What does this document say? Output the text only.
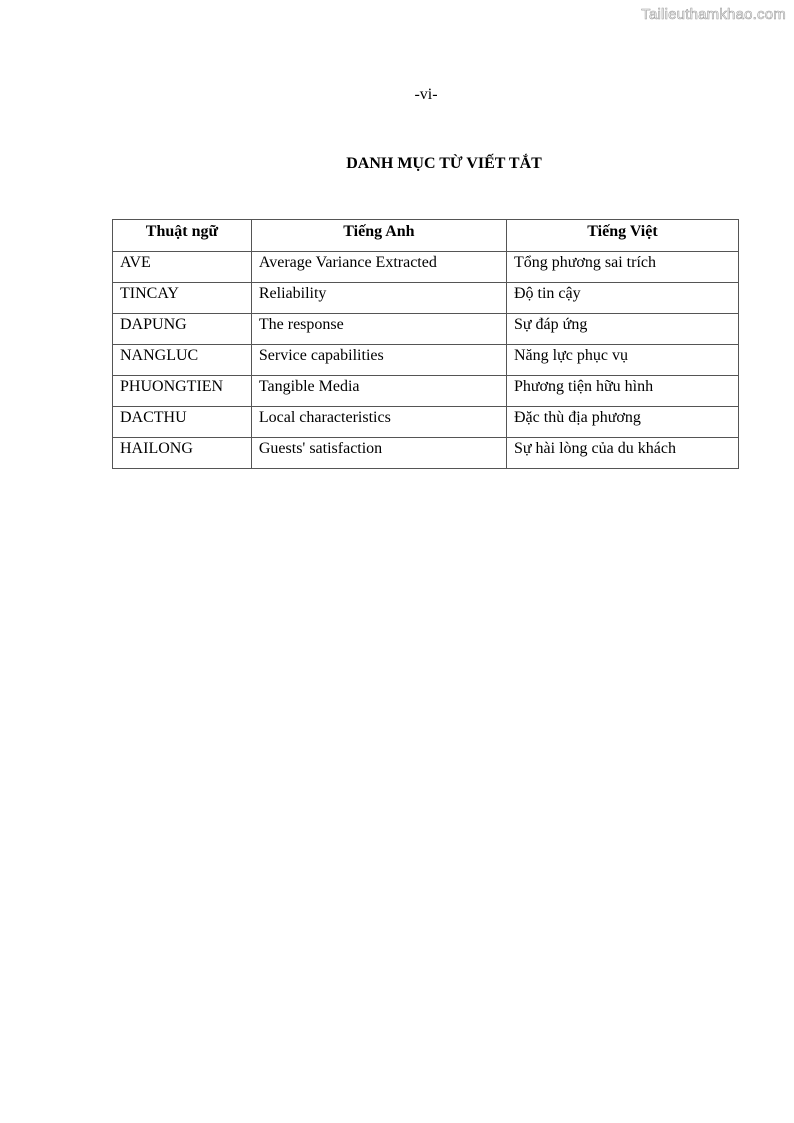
Tailieuthamkhao.com
-vi-
DANH MỤC TỪ VIẾT TẮT
Thuật ngữ	Tiếng Anh	Tiếng Việt
AVE	Average Variance Extracted	Tổng phương sai trích
TINCAY	Reliability	Độ tin cậy
DAPUNG	The response	Sự đáp ứng
NANGLUC	Service capabilities	Năng lực phục vụ
PHUONGTIEN	Tangible Media	Phương tiện hữu hình
DACTHU	Local characteristics	Đặc thù địa phương
HAILONG	Guests' satisfaction	Sự hài lòng của du khách
